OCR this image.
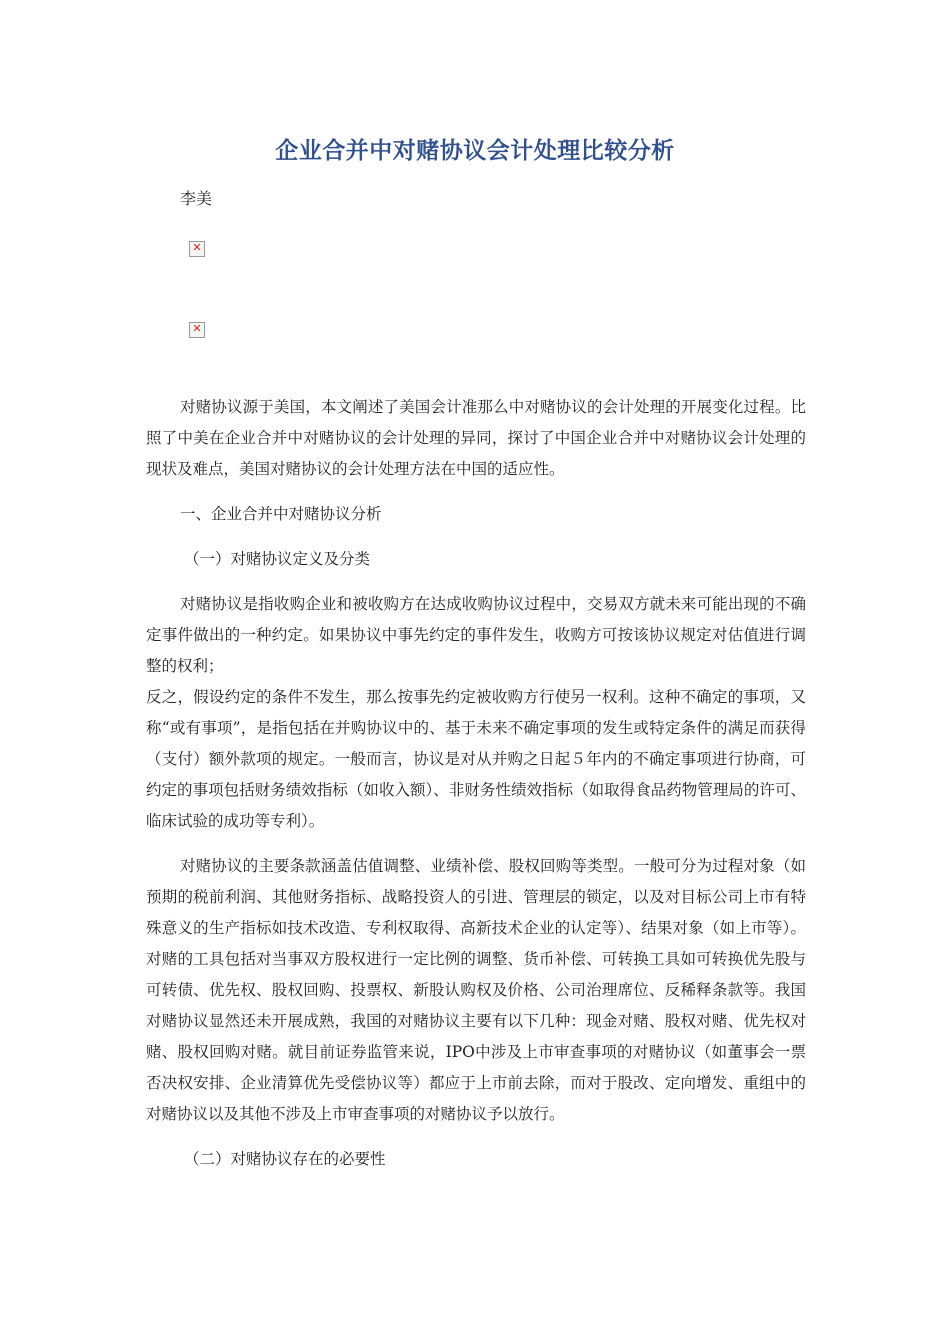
企业合并中对赌协议会计处理比较分析
李美
✕
✕

对赌协议源于美国，本文阐述了美国会计准那么中对赌协议的会计处理的开展变化过程。比照了中美在企业合并中对赌协议的会计处理的异同，探讨了中国企业合并中对赌协议会计处理的现状及难点，美国对赌协议的会计处理方法在中国的适应性。

一、企业合并中对赌协议分析

（一）对赌协议定义及分类

对赌协议是指收购企业和被收购方在达成收购协议过程中，交易双方就未来可能出现的不确定事件做出的一种约定。如果协议中事先约定的事件发生，收购方可按该协议规定对估值进行调整的权利；

反之，假设约定的条件不发生，那么按事先约定被收购方行使另一权利。这种不确定的事项，又称“或有事项”，是指包括在并购协议中的、基于未来不确定事项的发生或特定条件的满足而获得（支付）额外款项的规定。一般而言，协议是对从并购之日起５年内的不确定事项进行协商，可约定的事项包括财务绩效指标（如收入额）、非财务性绩效指标（如取得食品药物管理局的许可、临床试验的成功等专利）。

对赌协议的主要条款涵盖估值调整、业绩补偿、股权回购等类型。一般可分为过程对象（如预期的税前利润、其他财务指标、战略投资人的引进、管理层的锁定，以及对目标公司上市有特殊意义的生产指标如技术改造、专利权取得、高新技术企业的认定等）、结果对象（如上市等）。对赌的工具包括对当事双方股权进行一定比例的调整、货币补偿、可转换工具如可转换优先股与可转债、优先权、股权回购、投票权、新股认购权及价格、公司治理席位、反稀释条款等。我国对赌协议显然还未开展成熟，我国的对赌协议主要有以下几种：现金对赌、股权对赌、优先权对赌、股权回购对赌。就目前证券监管来说，IPO中涉及上市审查事项的对赌协议（如董事会一票否决权安排、企业清算优先受偿协议等）都应于上市前去除，而对于股改、定向增发、重组中的对赌协议以及其他不涉及上市审查事项的对赌协议予以放行。

（二）对赌协议存在的必要性
